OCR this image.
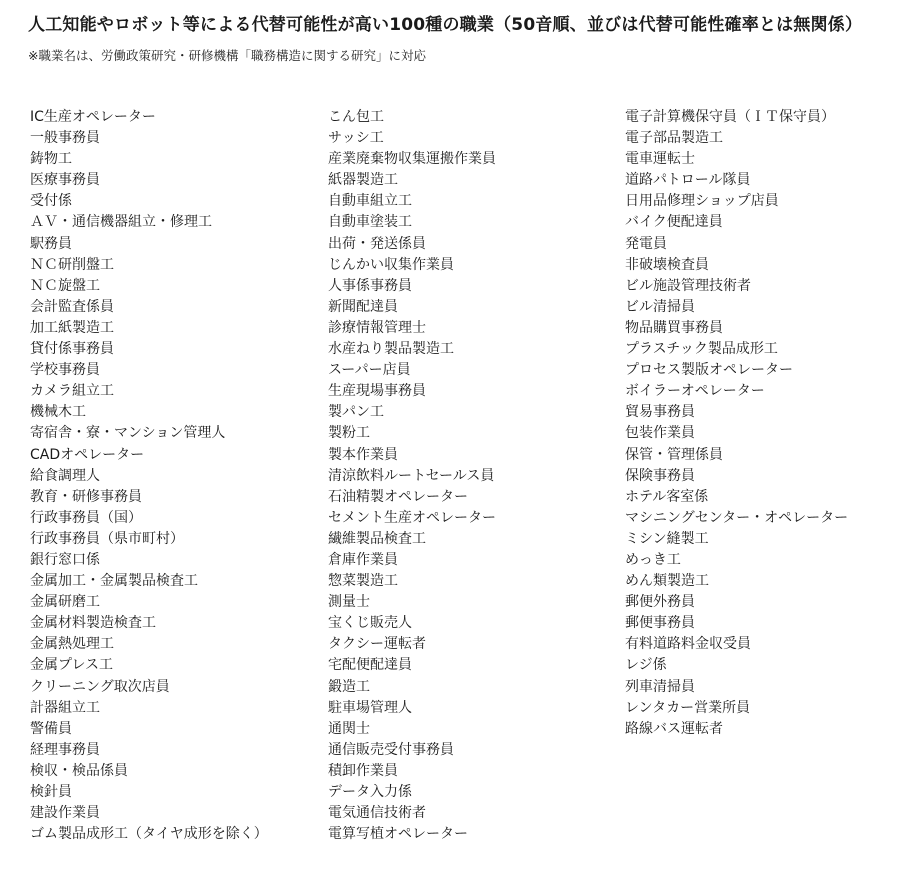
人工知能やロボット等による代替可能性が高い100種の職業（50音順、並びは代替可能性確率とは無関係）

※職業名は、労働政策研究・研修機構「職務構造に関する研究」に対応

IC生産オペレーター
一般事務員
鋳物工
医療事務員
受付係
ＡＶ・通信機器組立・修理工
駅務員
ＮＣ研削盤工
ＮＣ旋盤工
会計監査係員
加工紙製造工
貸付係事務員
学校事務員
カメラ組立工
機械木工
寄宿舎・寮・マンション管理人
CADオペレーター
給食調理人
教育・研修事務員
行政事務員（国）
行政事務員（県市町村）
銀行窓口係
金属加工・金属製品検査工
金属研磨工
金属材料製造検査工
金属熱処理工
金属プレス工
クリーニング取次店員
計器組立工
警備員
経理事務員
検収・検品係員
検針員
建設作業員
ゴム製品成形工（タイヤ成形を除く）
こん包工
サッシ工
産業廃棄物収集運搬作業員
紙器製造工
自動車組立工
自動車塗装工
出荷・発送係員
じんかい収集作業員
人事係事務員
新聞配達員
診療情報管理士
水産ねり製品製造工
スーパー店員
生産現場事務員
製パン工
製粉工
製本作業員
清涼飲料ルートセールス員
石油精製オペレーター
セメント生産オペレーター
繊維製品検査工
倉庫作業員
惣菜製造工
測量士
宝くじ販売人
タクシー運転者
宅配便配達員
鍛造工
駐車場管理人
通関士
通信販売受付事務員
積卸作業員
データ入力係
電気通信技術者
電算写植オペレーター
電子計算機保守員（ＩＴ保守員）
電子部品製造工
電車運転士
道路パトロール隊員
日用品修理ショップ店員
バイク便配達員
発電員
非破壊検査員
ビル施設管理技術者
ビル清掃員
物品購買事務員
プラスチック製品成形工
プロセス製版オペレーター
ボイラーオペレーター
貿易事務員
包装作業員
保管・管理係員
保険事務員
ホテル客室係
マシニングセンター・オペレーター
ミシン縫製工
めっき工
めん類製造工
郵便外務員
郵便事務員
有料道路料金収受員
レジ係
列車清掃員
レンタカー営業所員
路線バス運転者
